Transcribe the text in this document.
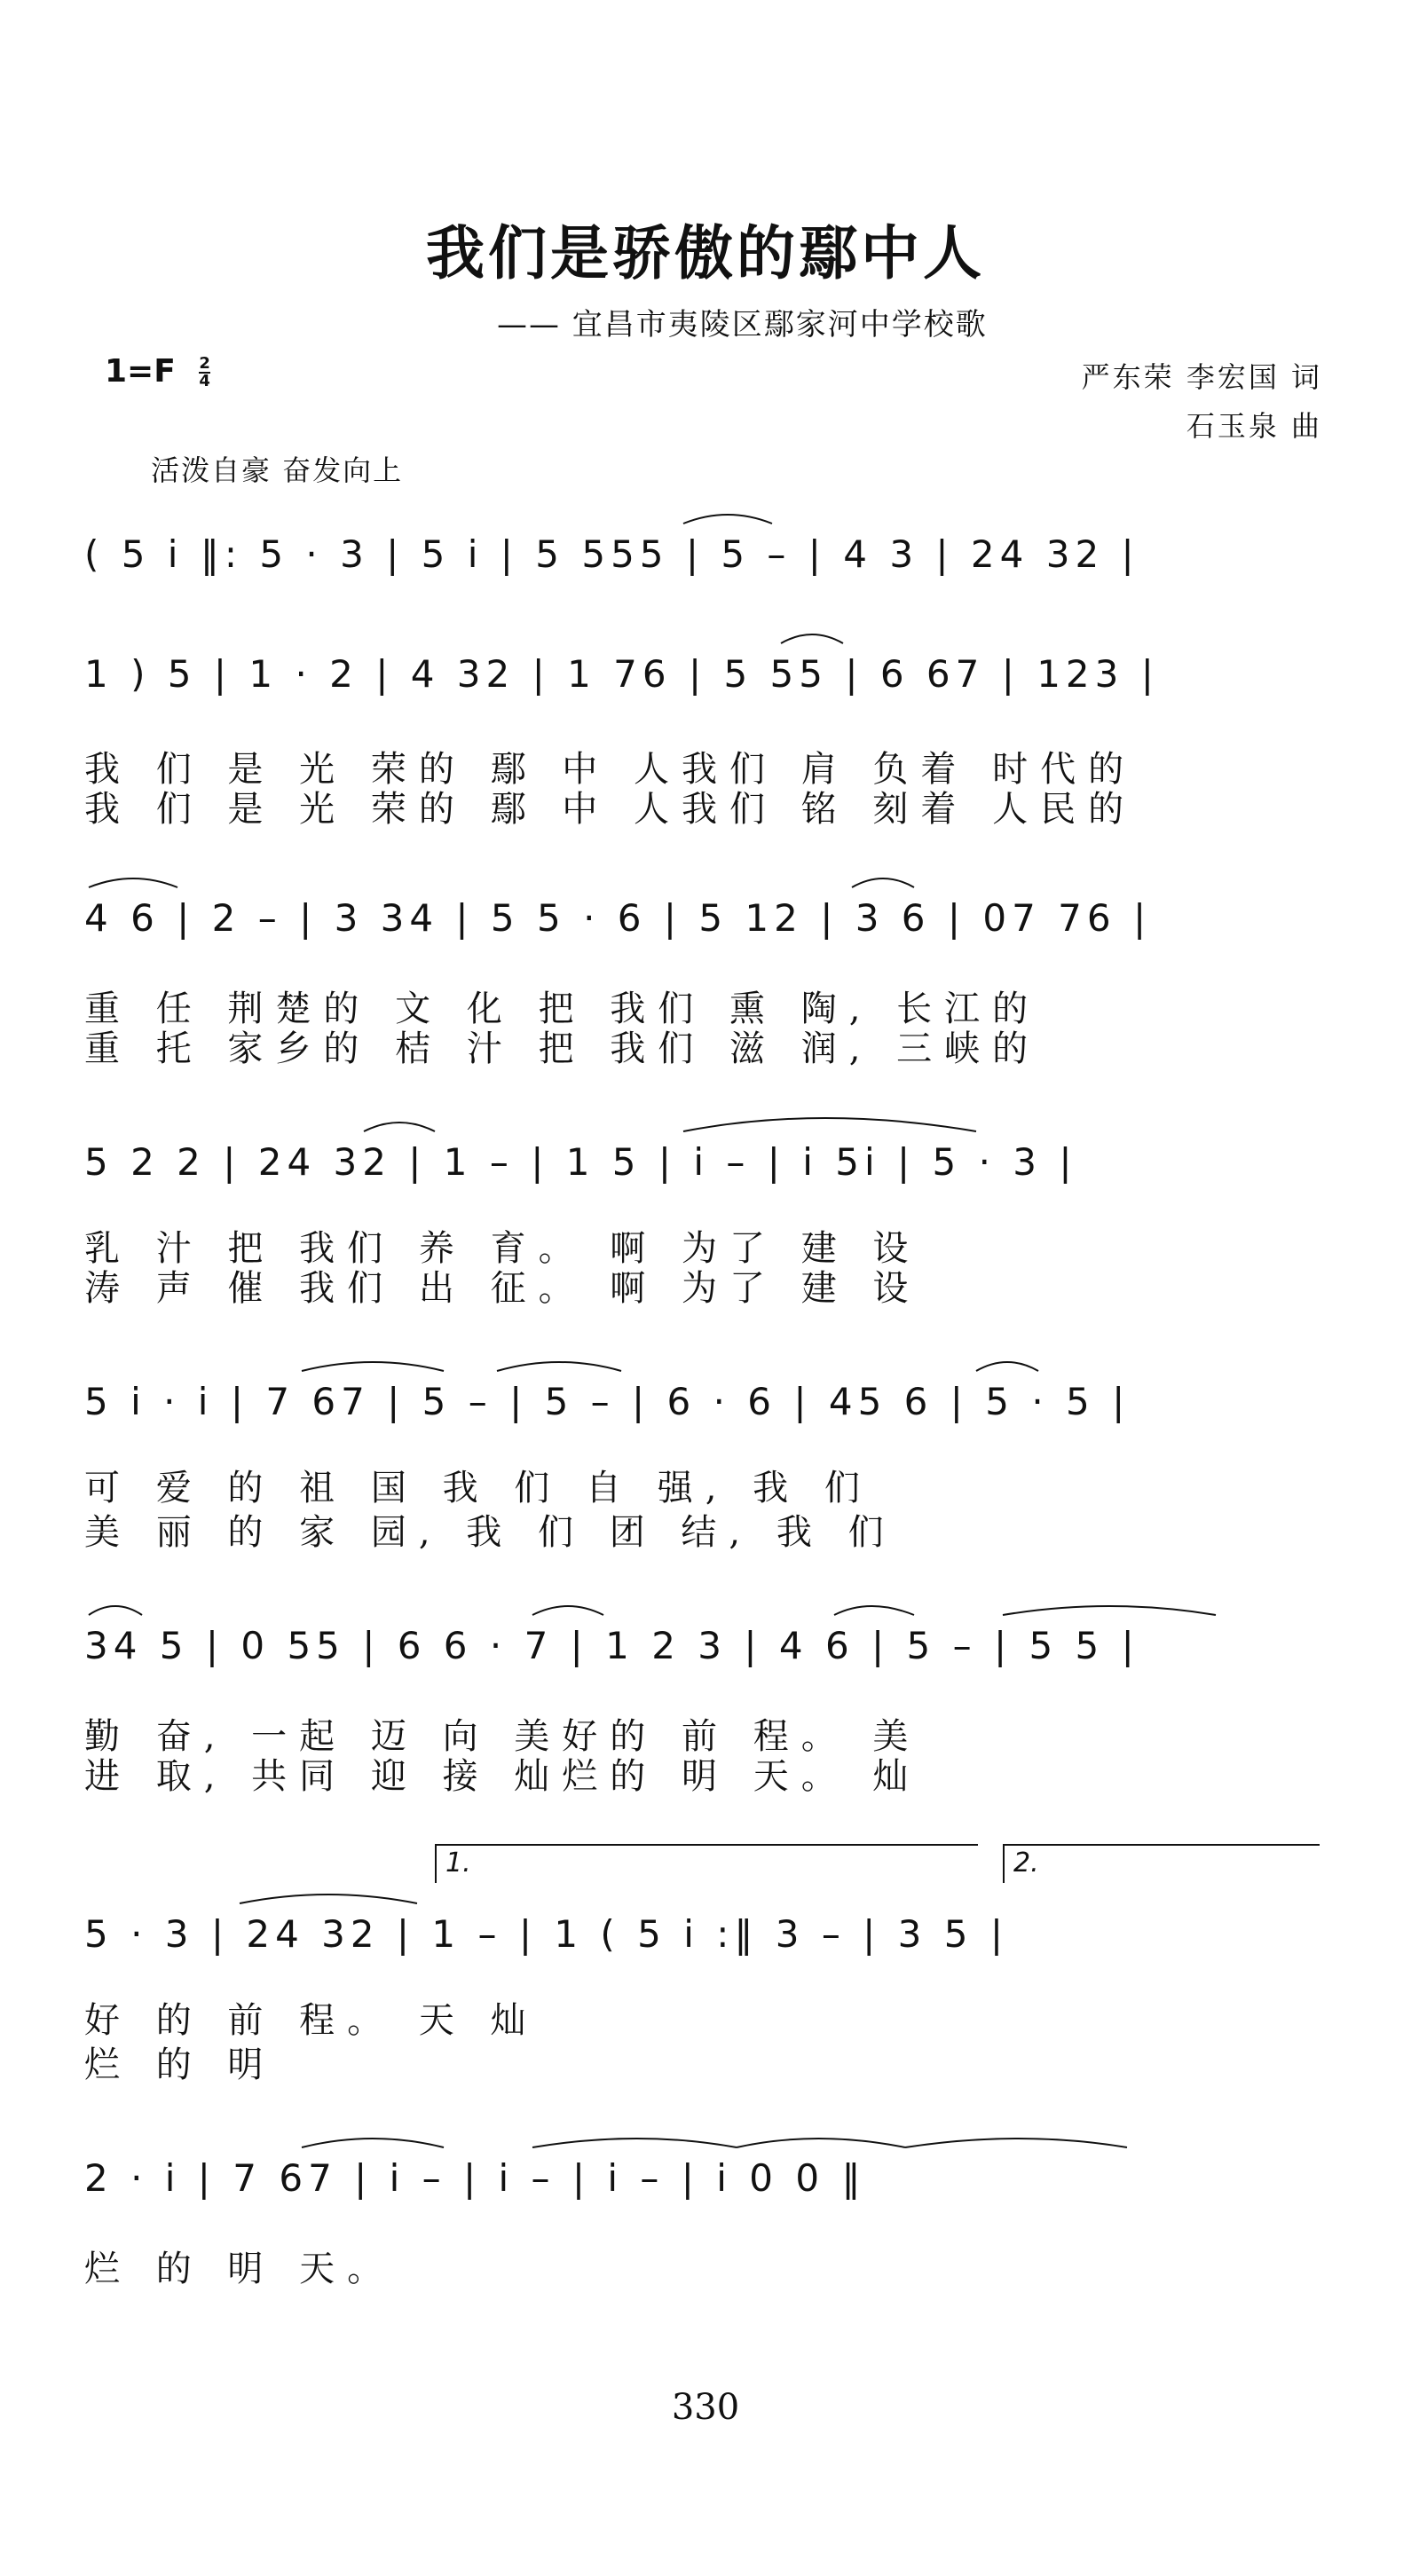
我们是骄傲的鄢中人
—— 宜昌市夷陵区鄢家河中学校歌
$1=F \frac{2}{4}$	严东荣 李宏国 词
石玉泉 曲
活泼自豪 奋发向上
( 5 i ‖: 5 · 3 | 5 i | 5 555 | 5 – | 4 3 | 24 32 |
1 ) 5 | 1 · 2 | 4 32 | 1 76 | 5 55 | 6 67 | 123 |
我 们 是 光 荣的 鄢 中 人我们 肩 负着 时代的
我 们 是 光 荣的 鄢 中 人我们 铭 刻着 人民的
4 6 | 2 – | 3 34 | 5 5 · 6 | 5 12 | 3 6 | 07 76 |
重 任 荆楚的 文 化 把 我们 熏 陶, 长江的
重 托 家乡的 桔 汁 把 我们 滋 润, 三峡的
5 2 2 | 24 32 | 1 – | 1 5 | i – | i 5i | 5 · 3 |
乳 汁 把 我们 养 育。 啊 为了 建 设
涛 声 催 我们 出 征。 啊 为了 建 设
5 i · i | 7 67 | 5 – | 5 – | 6 · 6 | 45 6 | 5 · 5 |
可 爱 的 祖 国 我 们 自 强, 我 们
美 丽 的 家 园, 我 们 团 结, 我 们
34 5 | 0 55 | 6 6 · 7 | 1 2 3 | 4 6 | 5 – | 5 5 |
勤 奋, 一起 迈 向 美好的 前 程。 美
进 取, 共同 迎 接 灿烂的 明 天。 灿
1.	2.
5 · 3 | 24 32 | 1 – | 1 ( 5 i :‖ 3 – | 3 5 |
好 的 前 程。 天 灿
烂 的 明
2 · i | 7 67 | i – | i – | i – | i 0 0 ‖
烂 的 明 天。
330
